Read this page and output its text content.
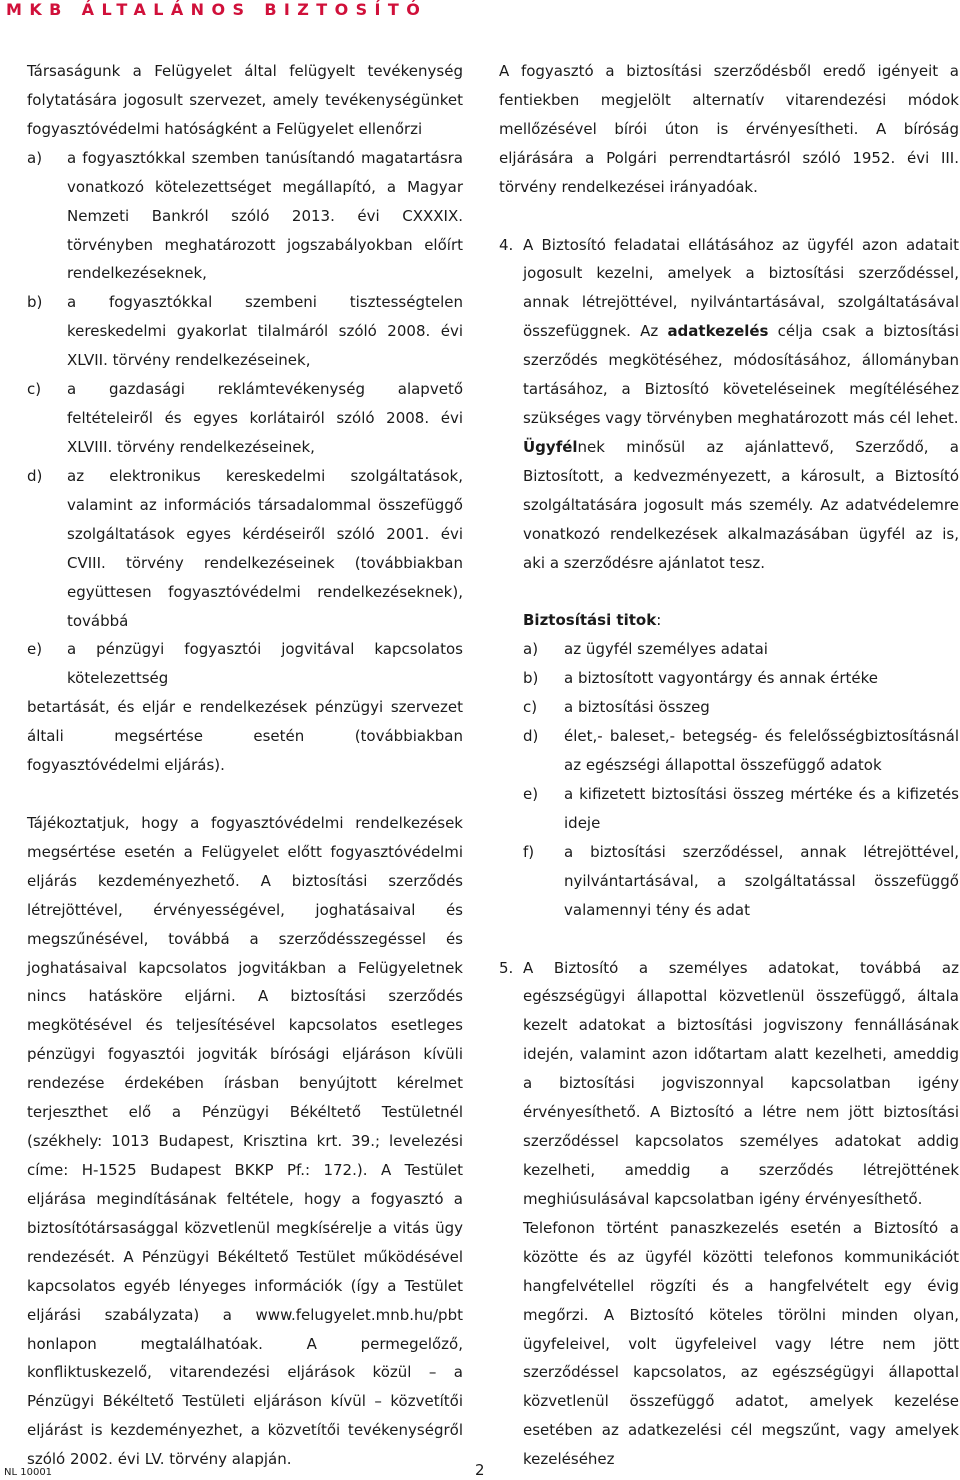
MKB ÁLTALÁNOS BIZTOSÍTÓ

Társaságunk a Felügyelet által felügyelt tevékenység folytatására jogosult szervezet, amely tevékenységünket fogyasztóvédelmi hatóságként a Felügyelet ellenőrzi

a)	a fogyasztókkal szemben tanúsítandó magatartásra vonatkozó kötelezettséget megállapító, a Magyar Nemzeti Bankról szóló 2013. évi CXXXIX. törvényben meghatározott jogszabályokban előírt rendelkezéseknek,
b)	a fogyasztókkal szembeni tisztességtelen kereskedelmi gyakorlat tilalmáról szóló 2008. évi XLVII. törvény rendelkezéseinek,
c)	a gazdasági reklámtevékenység alapvető feltételeiről és egyes korlátairól szóló 2008. évi XLVIII. törvény rendelkezéseinek,
d)	az elektronikus kereskedelmi szolgáltatások, valamint az információs társadalommal összefüggő szolgáltatások egyes kérdéseiről szóló 2001. évi CVIII. törvény rendelkezéseinek (továbbiakban együttesen fogyasztóvédelmi rendelkezéseknek), továbbá
e)	a pénzügyi fogyasztói jogvitával kapcsolatos kötelezettség

betartását, és eljár e rendelkezések pénzügyi szervezet általi megsértése esetén (továbbiakban fogyasztóvédelmi eljárás).

Tájékoztatjuk, hogy a fogyasztóvédelmi rendelkezések megsértése esetén a Felügyelet előtt fogyasztóvédelmi eljárás kezdeményezhető. A biztosítási szerződés létrejöttével, érvényességével, joghatásaival és megszűnésével, továbbá a szerződésszegéssel és joghatásaival kapcsolatos jogvitákban a Felügyeletnek nincs hatásköre eljárni. A biztosítási szerződés megkötésével és teljesítésével kapcsolatos esetleges pénzügyi fogyasztói jogviták bírósági eljáráson kívüli rendezése érdekében írásban benyújtott kérelmet terjeszthet elő a Pénzügyi Békéltető Testületnél (székhely: 1013 Budapest, Krisztina krt. 39.; levelezési címe: H-1525 Budapest BKKP Pf.: 172.). A Testület eljárása megindításának feltétele, hogy a fogyasztó a biztosítótársasággal közvetlenül megkísérelje a vitás ügy rendezését. A Pénzügyi Békéltető Testület működésével kapcsolatos egyéb lényeges információk (így a Testület eljárási szabályzata) a www.felugyelet.mnb.hu/pbt honlapon megtalálhatóak. A permegelőző, konfliktuskezelő, vitarendezési eljárások közül – a Pénzügyi Békéltető Testületi eljáráson kívül – közvetítői eljárást is kezdeményezhet, a közvetítői tevékenységről szóló 2002. évi LV. törvény alapján.

A fogyasztó a biztosítási szerződésből eredő igényeit a fentiekben megjelölt alternatív vitarendezési módok mellőzésével bírói úton is érvényesítheti. A bíróság eljárására a Polgári perrendtartásról szóló 1952. évi III. törvény rendelkezései irányadóak.

4. A Biztosító feladatai ellátásához az ügyfél azon adatait jogosult kezelni, amelyek a biztosítási szerződéssel, annak létrejöttével, nyilvántartásával, szolgáltatásával összefüggnek. Az adatkezelés célja csak a biztosítási szerződés megkötéséhez, módosításához, állományban tartásához, a Biztosító követeléseinek megítéléséhez szükséges vagy törvényben meghatározott más cél lehet.

Ügyfélnek minősül az ajánlattevő, Szerződő, a Biztosított, a kedvezményezett, a károsult, a Biztosító szolgáltatására jogosult más személy. Az adatvédelemre vonatkozó rendelkezések alkalmazásában ügyfél az is, aki a szerződésre ajánlatot tesz.

Biztosítási titok:

a)	az ügyfél személyes adatai
b)	a biztosított vagyontárgy és annak értéke
c)	a biztosítási összeg
d)	élet,- baleset,- betegség- és felelősségbiztosításnál az egészségi állapottal összefüggő adatok
e)	a kifizetett biztosítási összeg mértéke és a kifizetés ideje
f)	a biztosítási szerződéssel, annak létrejöttével, nyilvántartásával, a szolgáltatással összefüggő valamennyi tény és adat
5. A Biztosító a személyes adatokat, továbbá az egészségügyi állapottal közvetlenül összefüggő, általa kezelt adatokat a biztosítási jogviszony fennállásának idején, valamint azon időtartam alatt kezelheti, ameddig a biztosítási jogviszonnyal kapcsolatban igény érvényesíthető. A Biztosító a létre nem jött biztosítási szerződéssel kapcsolatos személyes adatokat addig kezelheti, ameddig a szerződés létrejöttének meghiúsulásával kapcsolatban igény érvényesíthető.

Telefonon történt panaszkezelés esetén a Biztosító a közötte és az ügyfél közötti telefonos kommunikációt hangfelvétellel rögzíti és a hangfelvételt egy évig megőrzi. A Biztosító köteles törölni minden olyan, ügyfeleivel, volt ügyfeleivel vagy létre nem jött szerződéssel kapcsolatos, az egészségügyi állapottal közvetlenül összefüggő adatot, amelyek kezelése esetében az adatkezelési cél megszűnt, vagy amelyek kezeléséhez

NL 10001	2
